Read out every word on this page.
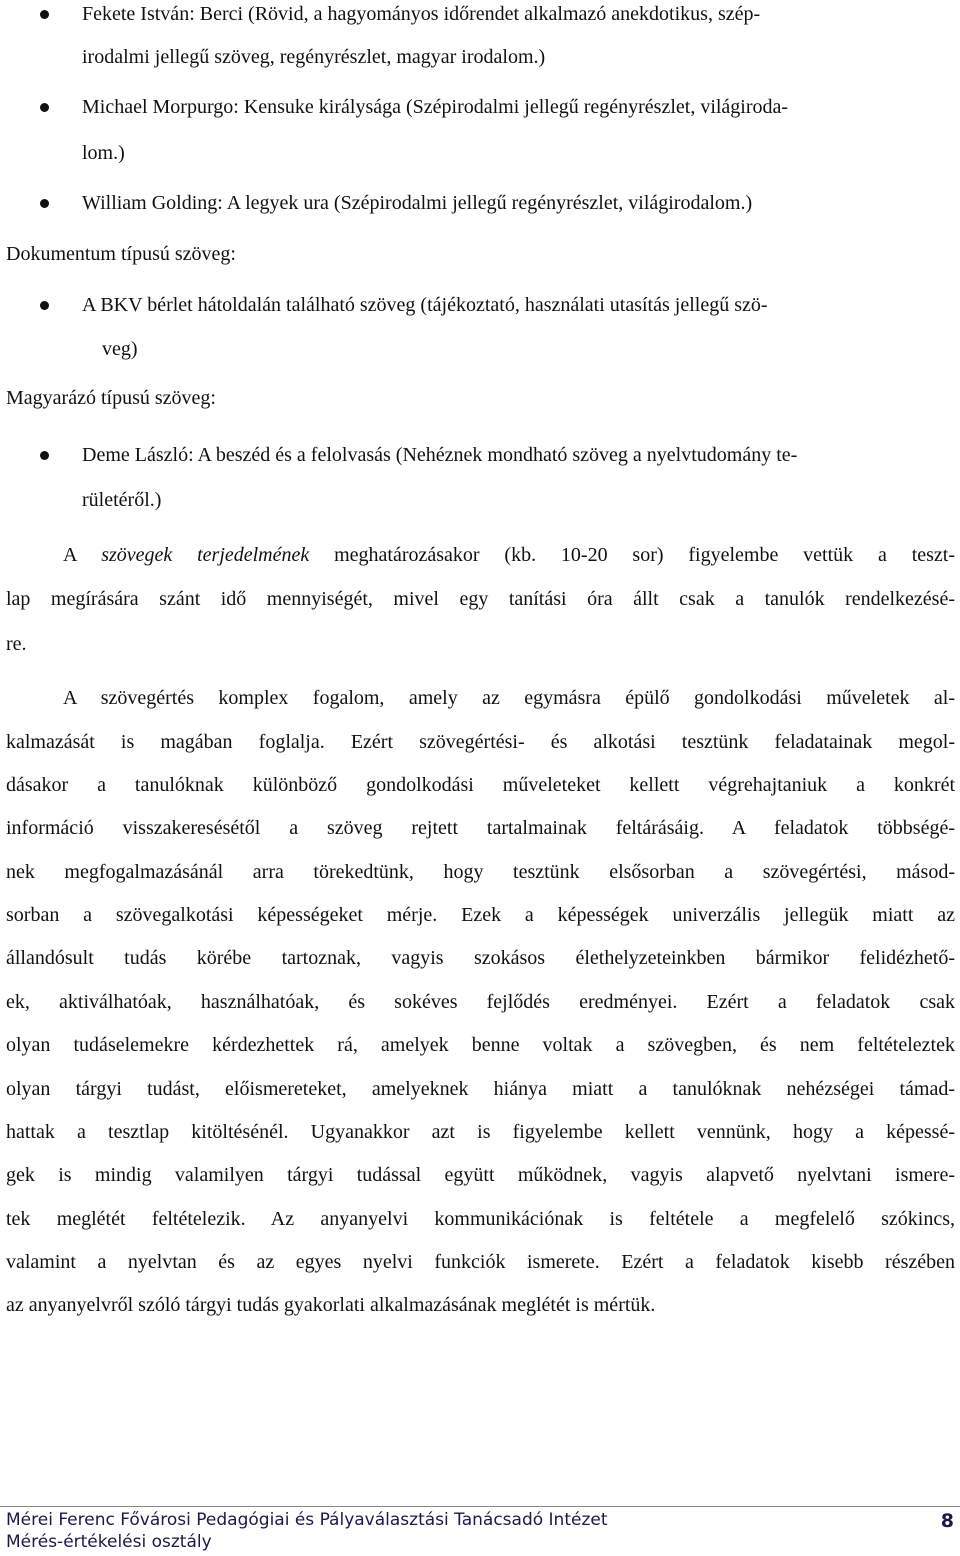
Fekete István: Berci (Rövid, a hagyományos időrendet alkalmazó anekdotikus, szép-
irodalmi jellegű szöveg, regényrészlet, magyar irodalom.)
Michael Morpurgo: Kensuke királysága (Szépirodalmi jellegű regényrészlet, világiroda-
lom.)
William Golding: A legyek ura (Szépirodalmi jellegű regényrészlet, világirodalom.)
Dokumentum típusú szöveg:
A BKV bérlet hátoldalán található szöveg (tájékoztató, használati utasítás jellegű szö-
veg)
Magyarázó típusú szöveg:
Deme László: A beszéd és a felolvasás (Nehéznek mondható szöveg a nyelvtudomány te-
rületéről.)
A szövegek terjedelmének meghatározásakor (kb. 10-20 sor) figyelembe vettük a teszt-
lap megírására szánt idő mennyiségét, mivel egy tanítási óra állt csak a tanulók rendelkezésé-
re.
A szövegértés komplex fogalom, amely az egymásra épülő gondolkodási műveletek al-
kalmazását is magában foglalja. Ezért szövegértési- és alkotási tesztünk feladatainak megol-
dásakor a tanulóknak különböző gondolkodási műveleteket kellett végrehajtaniuk a konkrét
információ visszakeresésétől a szöveg rejtett tartalmainak feltárásáig. A feladatok többségé-
nek megfogalmazásánál arra törekedtünk, hogy tesztünk elsősorban a szövegértési, másod-
sorban a szövegalkotási képességeket mérje. Ezek a képességek univerzális jellegük miatt az
állandósult tudás körébe tartoznak, vagyis szokásos élethelyzeteinkben bármikor felidézhető-
ek, aktiválhatóak, használhatóak, és sokéves fejlődés eredményei. Ezért a feladatok csak
olyan tudáselemekre kérdezhettek rá, amelyek benne voltak a szövegben, és nem feltételeztek
olyan tárgyi tudást, előismereteket, amelyeknek hiánya miatt a tanulóknak nehézségei támad-
hattak a tesztlap kitöltésénél. Ugyanakkor azt is figyelembe kellett vennünk, hogy a képessé-
gek is mindig valamilyen tárgyi tudással együtt működnek, vagyis alapvető nyelvtani ismere-
tek meglétét feltételezik. Az anyanyelvi kommunikációnak is feltétele a megfelelő szókincs,
valamint a nyelvtan és az egyes nyelvi funkciók ismerete. Ezért a feladatok kisebb részében
az anyanyelvről szóló tárgyi tudás gyakorlati alkalmazásának meglétét is mértük.
Mérei Ferenc Fővárosi Pedagógiai és Pályaválasztási Tanácsadó Intézet
Mérés-értékelési osztály
8
